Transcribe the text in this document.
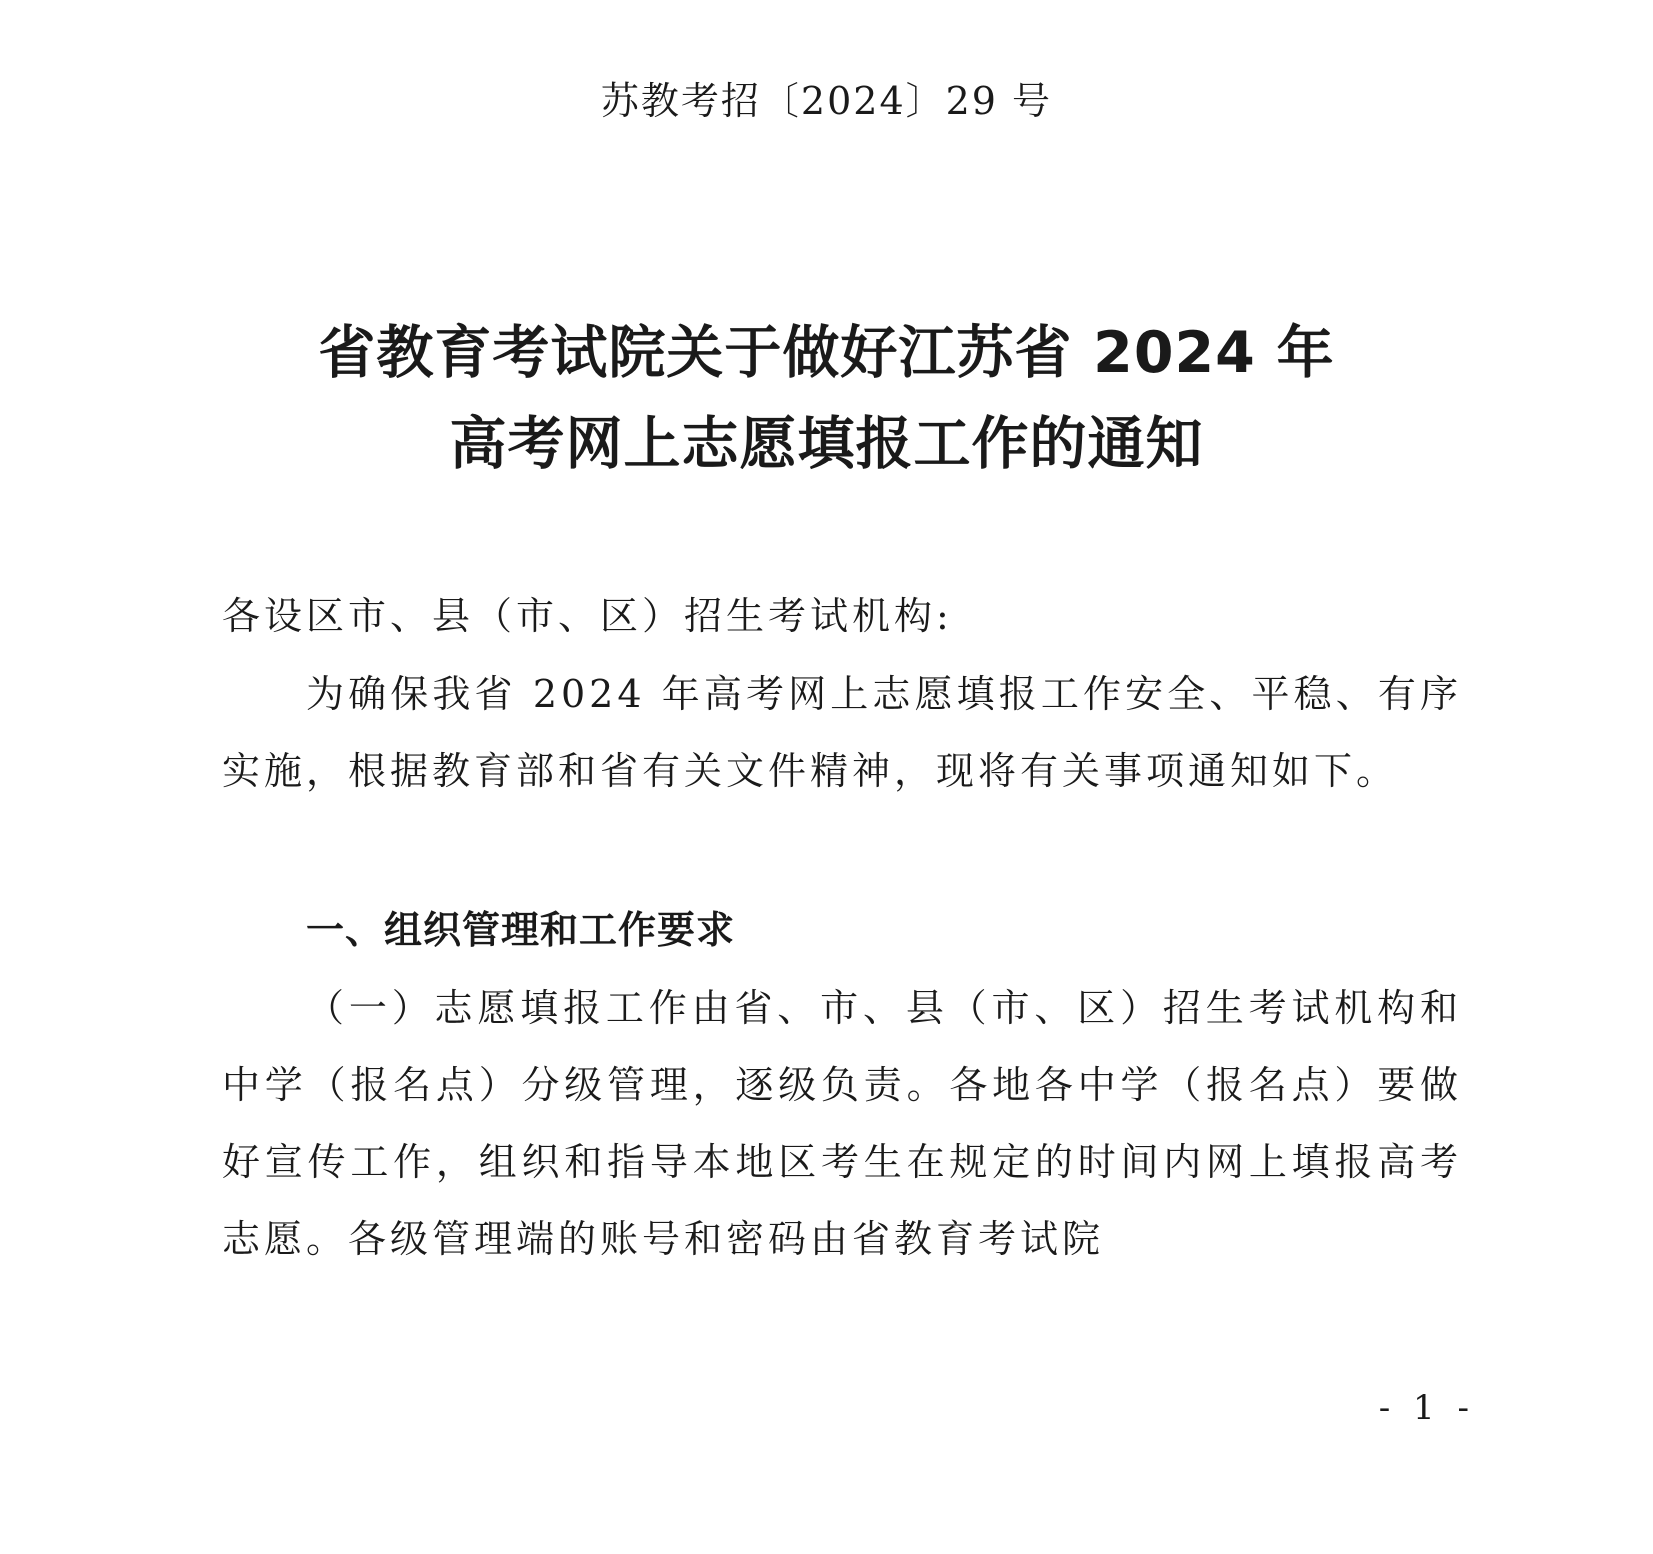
苏教考招〔2024〕29 号
省教育考试院关于做好江苏省 2024 年
高考网上志愿填报工作的通知

各设区市、县（市、区）招生考试机构:

为确保我省 2024 年高考网上志愿填报工作安全、平稳、有序实施，根据教育部和省有关文件精神，现将有关事项通知如下。

一、组织管理和工作要求

（一）志愿填报工作由省、市、县（市、区）招生考试机构和中学（报名点）分级管理，逐级负责。各地各中学（报名点）要做好宣传工作，组织和指导本地区考生在规定的时间内网上填报高考志愿。各级管理端的账号和密码由省教育考试院

- 1 -
